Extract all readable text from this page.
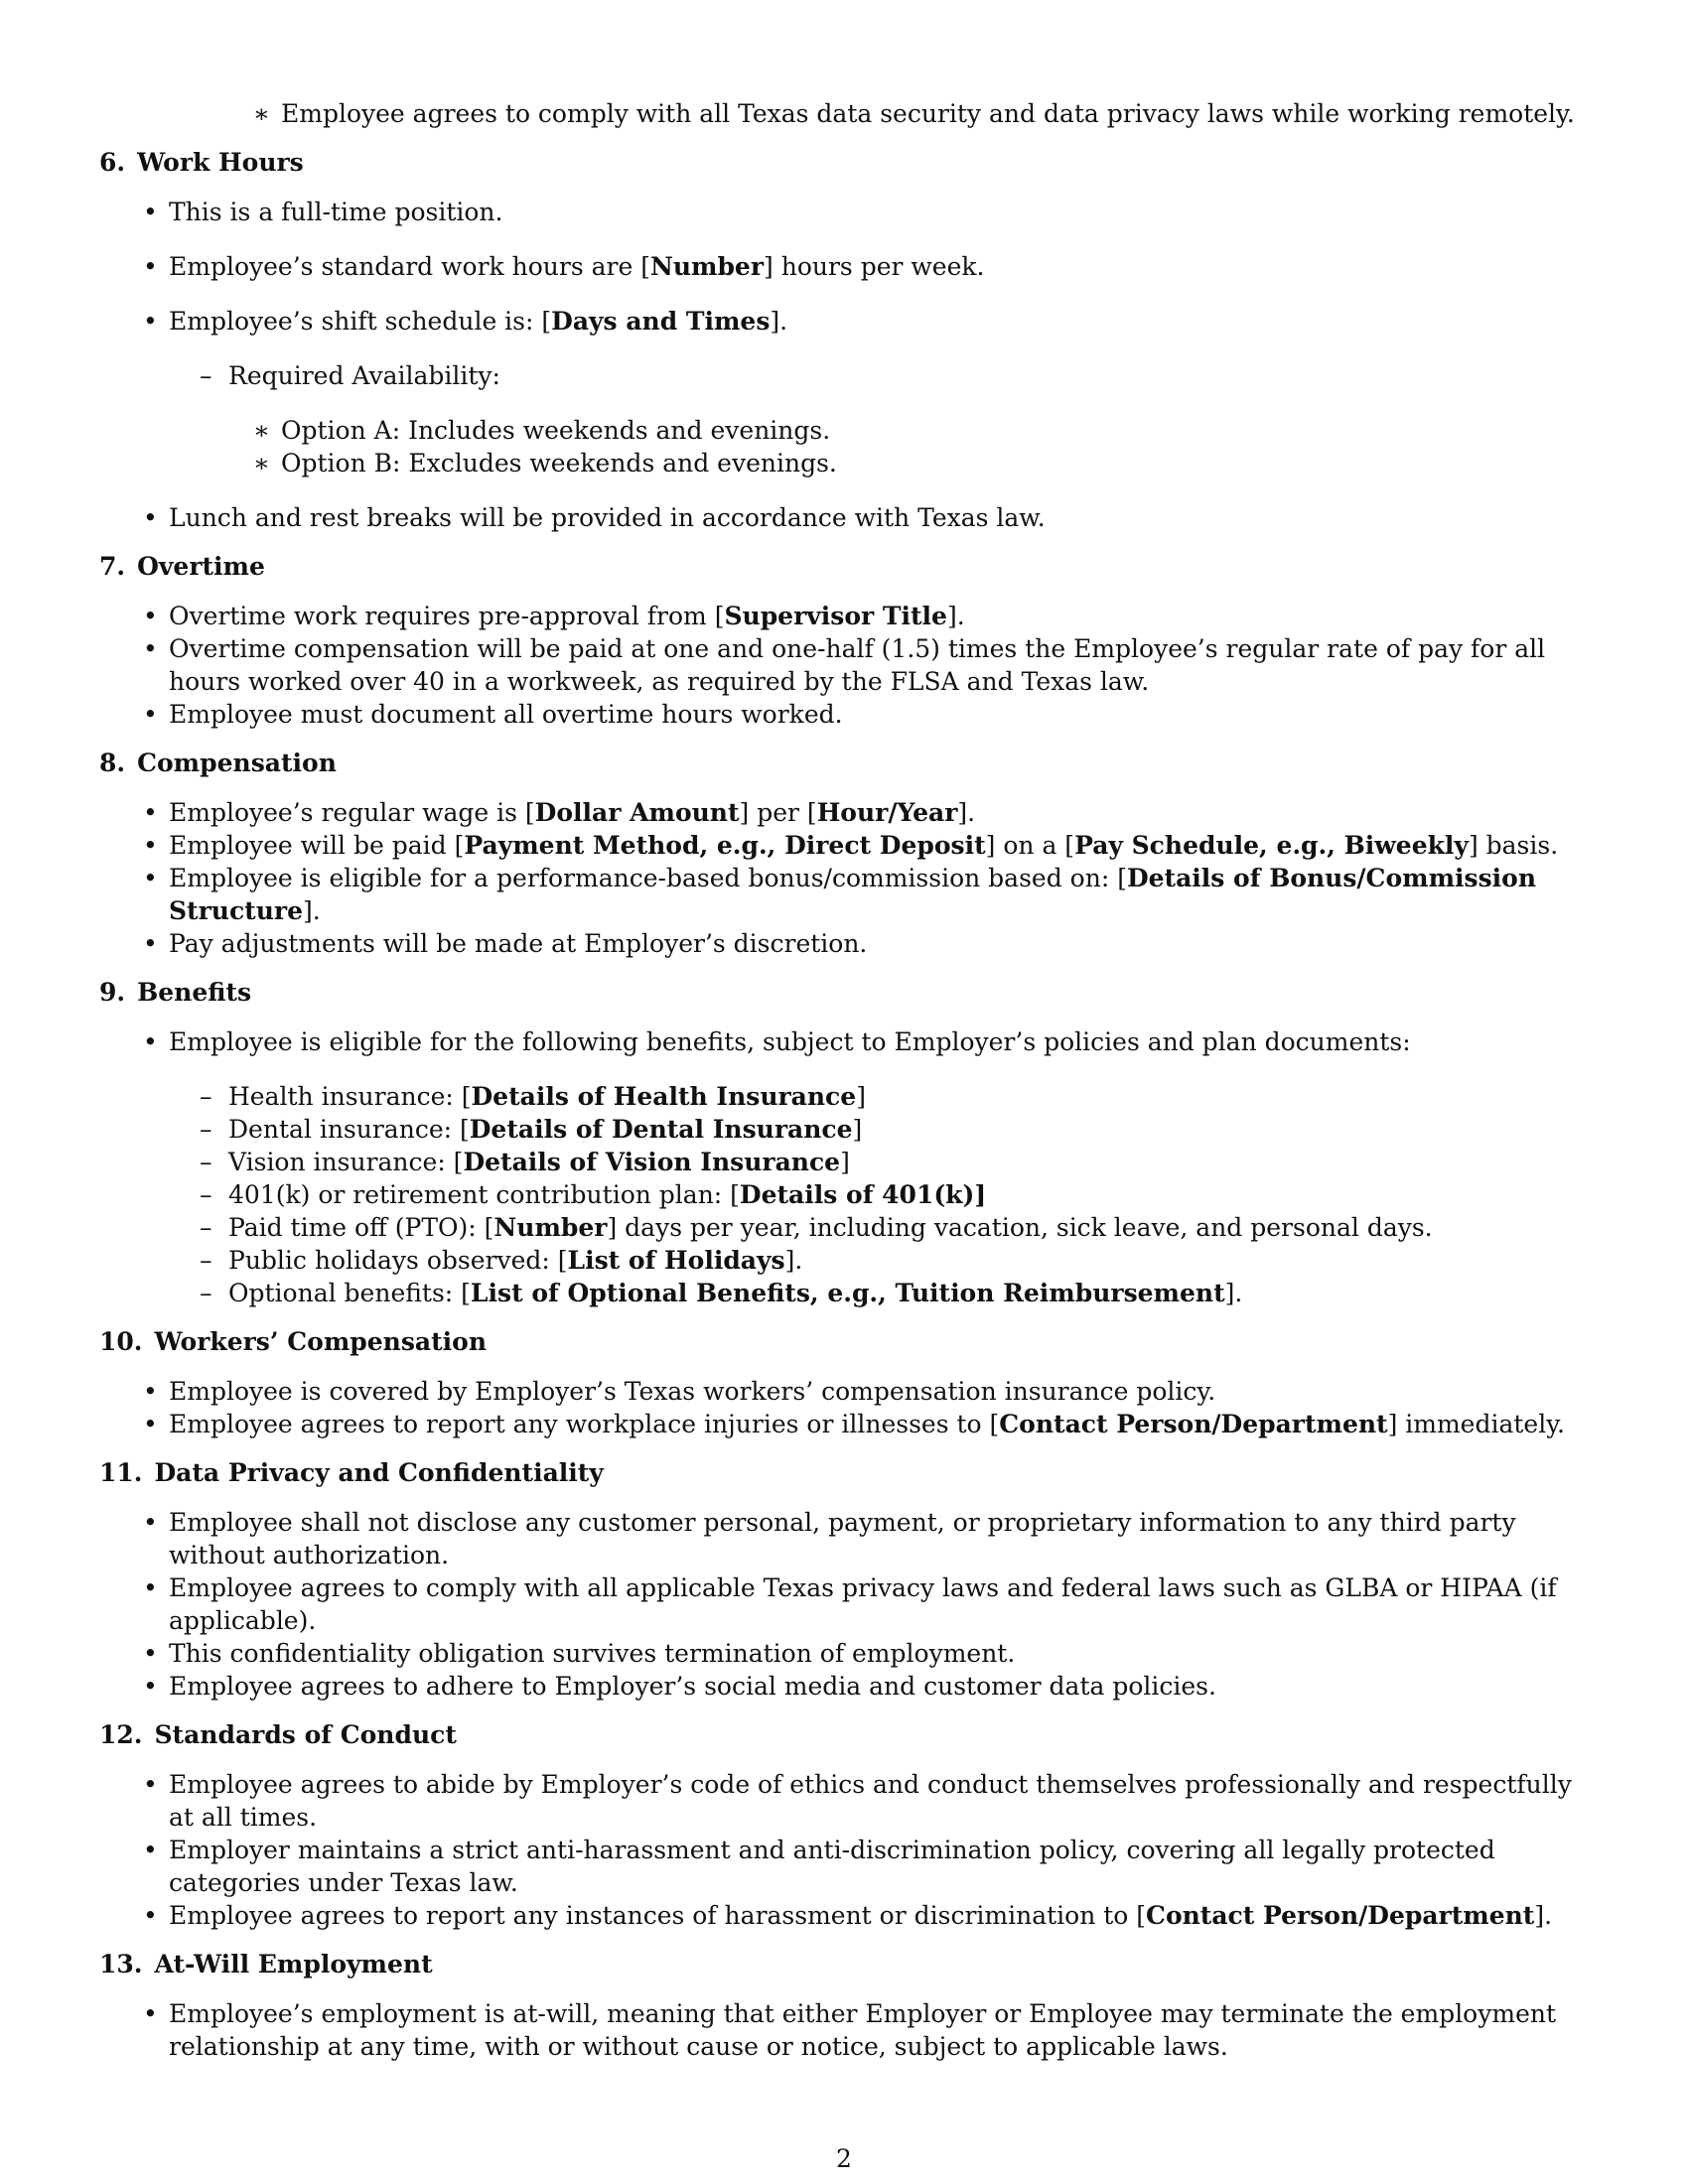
∗ Employee agrees to comply with all Texas data security and data privacy laws while working remotely.
6. Work Hours
• This is a full-time position.
• Employee’s standard work hours are [Number] hours per week.
• Employee’s shift schedule is: [Days and Times].
– Required Availability:
∗ Option A: Includes weekends and evenings.
∗ Option B: Excludes weekends and evenings.
• Lunch and rest breaks will be provided in accordance with Texas law.
7. Overtime
• Overtime work requires pre-approval from [Supervisor Title].
• Overtime compensation will be paid at one and one-half (1.5) times the Employee’s regular rate of pay for all hours worked over 40 in a workweek, as required by the FLSA and Texas law.
• Employee must document all overtime hours worked.
8. Compensation
• Employee’s regular wage is [Dollar Amount] per [Hour/Year].
• Employee will be paid [Payment Method, e.g., Direct Deposit] on a [Pay Schedule, e.g., Biweekly] basis.
• Employee is eligible for a performance-based bonus/commission based on: [Details of Bonus/Commission Structure].
• Pay adjustments will be made at Employer’s discretion.
9. Benefits
• Employee is eligible for the following benefits, subject to Employer’s policies and plan documents:
– Health insurance: [Details of Health Insurance]
– Dental insurance: [Details of Dental Insurance]
– Vision insurance: [Details of Vision Insurance]
– 401(k) or retirement contribution plan: [Details of 401(k)]
– Paid time off (PTO): [Number] days per year, including vacation, sick leave, and personal days.
– Public holidays observed: [List of Holidays].
– Optional benefits: [List of Optional Benefits, e.g., Tuition Reimbursement].
10. Workers’ Compensation
• Employee is covered by Employer’s Texas workers’ compensation insurance policy.
• Employee agrees to report any workplace injuries or illnesses to [Contact Person/Department] immediately.
11. Data Privacy and Confidentiality
• Employee shall not disclose any customer personal, payment, or proprietary information to any third party without authorization.
• Employee agrees to comply with all applicable Texas privacy laws and federal laws such as GLBA or HIPAA (if applicable).
• This confidentiality obligation survives termination of employment.
• Employee agrees to adhere to Employer’s social media and customer data policies.
12. Standards of Conduct
• Employee agrees to abide by Employer’s code of ethics and conduct themselves professionally and respectfully at all times.
• Employer maintains a strict anti-harassment and anti-discrimination policy, covering all legally protected categories under Texas law.
• Employee agrees to report any instances of harassment or discrimination to [Contact Person/Department].
13. At-Will Employment
• Employee’s employment is at-will, meaning that either Employer or Employee may terminate the employment relationship at any time, with or without cause or notice, subject to applicable laws.
2
